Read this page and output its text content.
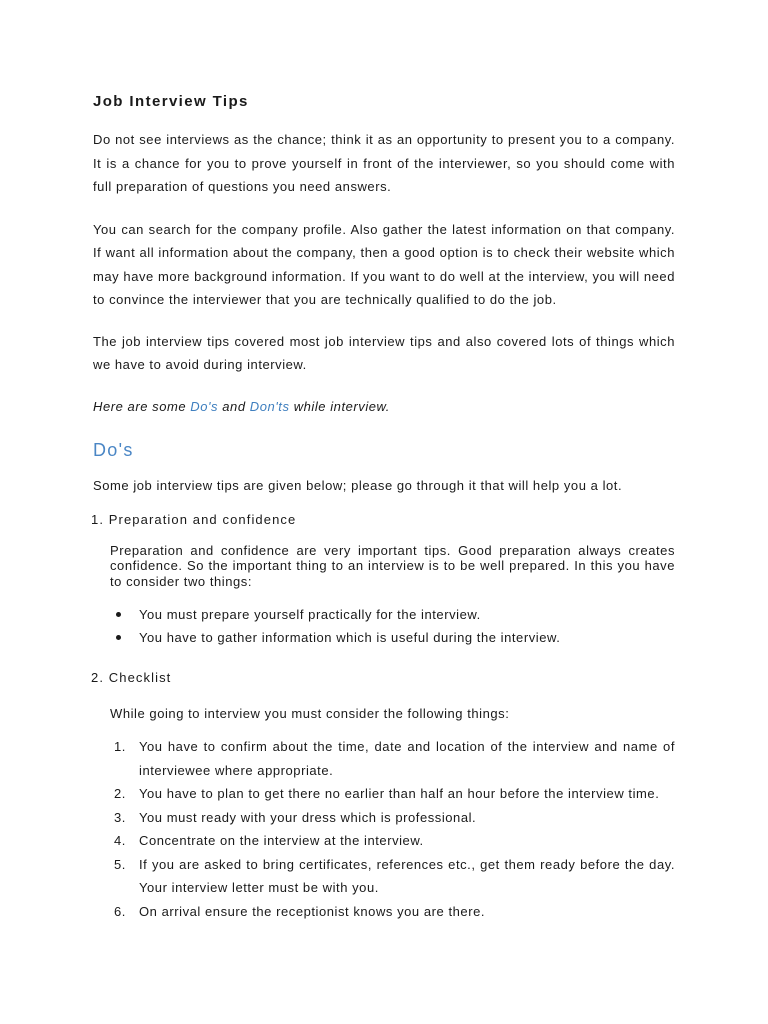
Job Interview Tips

Do not see interviews as the chance; think it as an opportunity to present you to a company. It is a chance for you to prove yourself in front of the interviewer, so you should come with full preparation of questions you need answers.

You can search for the company profile. Also gather the latest information on that company. If want all information about the company, then a good option is to check their website which may have more background information. If you want to do well at the interview, you will need to convince the interviewer that you are technically qualified to do the job.

The job interview tips covered most job interview tips and also covered lots of things which we have to avoid during interview.

Here are some Do's and Don'ts while interview.

Do's

Some job interview tips are given below; please go through it that will help you a lot.

1. Preparation and confidence

Preparation and confidence are very important tips. Good preparation always creates confidence. So the important thing to an interview is to be well prepared. In this you have to consider two things:

You must prepare yourself practically for the interview.
You have to gather information which is useful during the interview.
2. Checklist

While going to interview you must consider the following things:

1.	You have to confirm about the time, date and location of the interview and name of interviewee where appropriate.
2.	You have to plan to get there no earlier than half an hour before the interview time.
3.	You must ready with your dress which is professional.
4.	Concentrate on the interview at the interview.
5.	If you are asked to bring certificates, references etc., get them ready before the day. Your interview letter must be with you.
6.	On arrival ensure the receptionist knows you are there.
